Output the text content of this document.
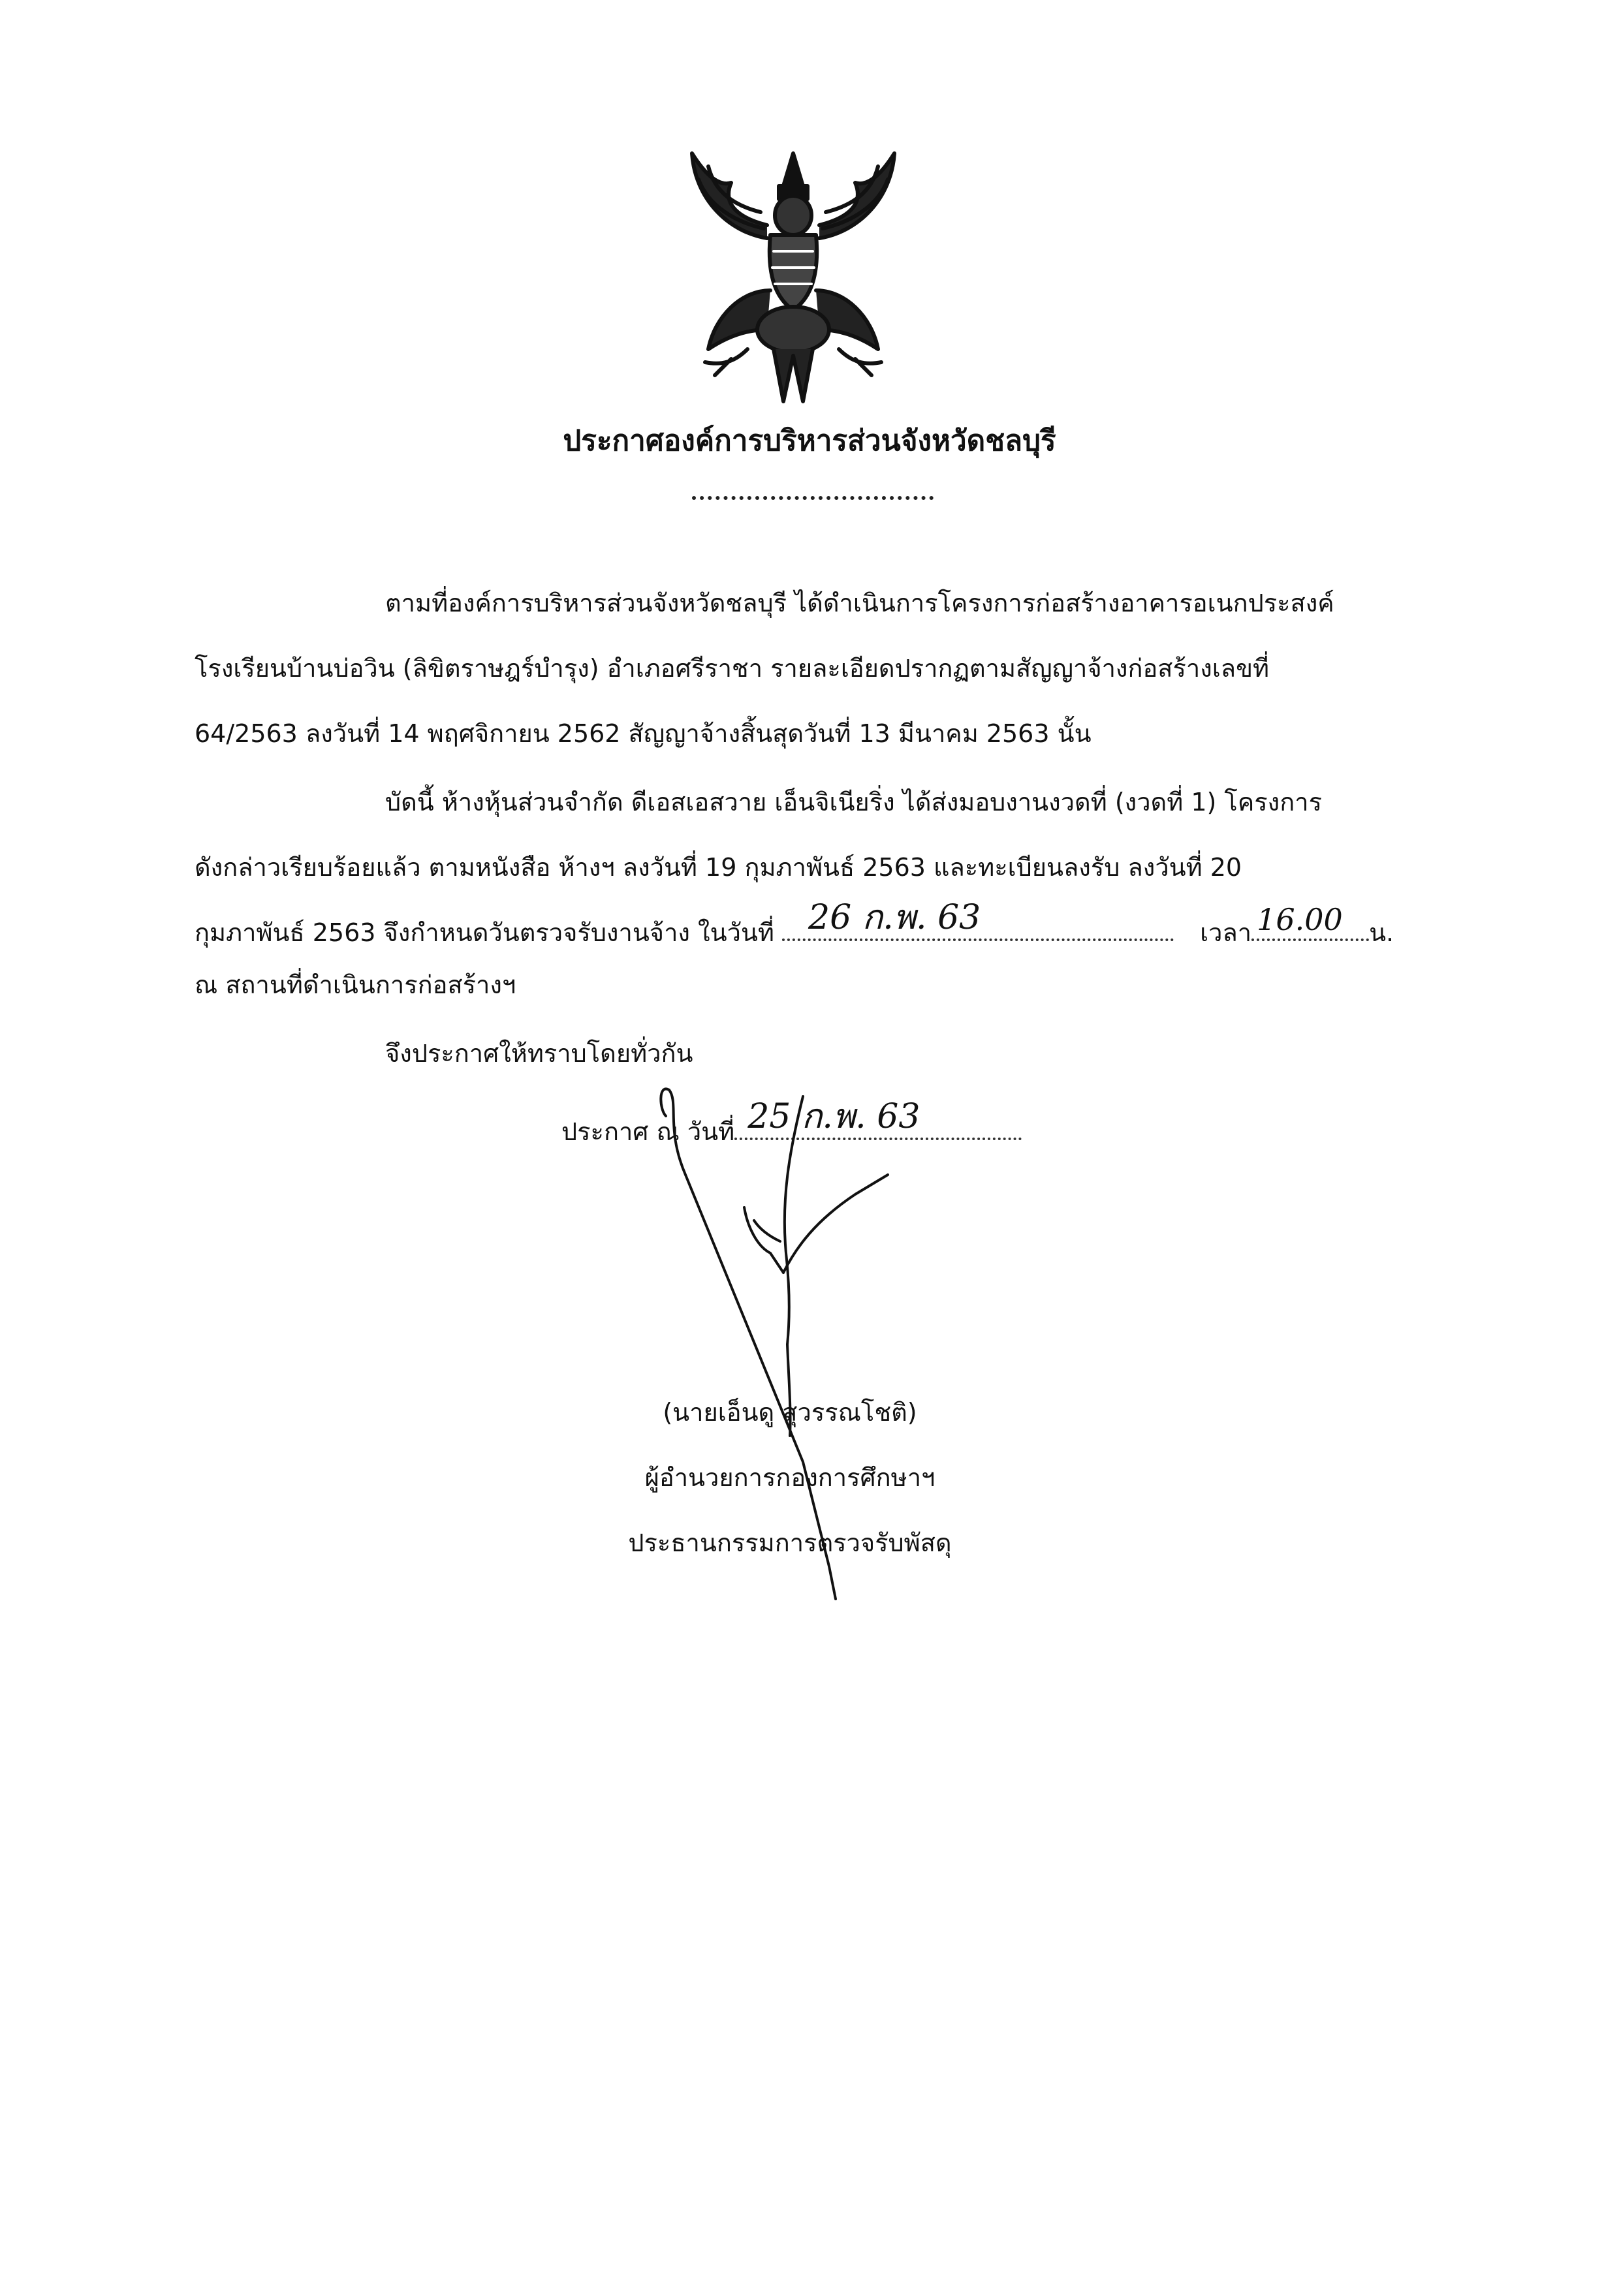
ประกาศองค์การบริหารส่วนจังหวัดชลบุรี
ตามที่องค์การบริหารส่วนจังหวัดชลบุรี ได้ดำเนินการโครงการก่อสร้างอาคารอเนกประสงค์
โรงเรียนบ้านบ่อวิน (ลิขิตราษฎร์บำรุง) อำเภอศรีราชา รายละเอียดปรากฏตามสัญญาจ้างก่อสร้างเลขที่
64/2563 ลงวันที่ 14 พฤศจิกายน 2562 สัญญาจ้างสิ้นสุดวันที่ 13 มีนาคม 2563 นั้น
บัดนี้ ห้างหุ้นส่วนจำกัด ดีเอสเอสวาย เอ็นจิเนียริ่ง ได้ส่งมอบงานงวดที่ (งวดที่ 1) โครงการ
ดังกล่าวเรียบร้อยแล้ว ตามหนังสือ ห้างฯ ลงวันที่ 19 กุมภาพันธ์ 2563 และทะเบียนลงรับ ลงวันที่ 20
กุมภาพันธ์ 2563 จึงกำหนดวันตรวจรับงานจ้าง ในวันที่ 26 ก.พ. 63	เวลา 16.00 น.
ณ สถานที่ดำเนินการก่อสร้างฯ
จึงประกาศให้ทราบโดยทั่วกัน
ประกาศ ณ วันที่ 25 ก.พ. 63
(นายเอ็นดู สุวรรณโชติ)
ผู้อำนวยการกองการศึกษาฯ
ประธานกรรมการตรวจรับพัสดุ
